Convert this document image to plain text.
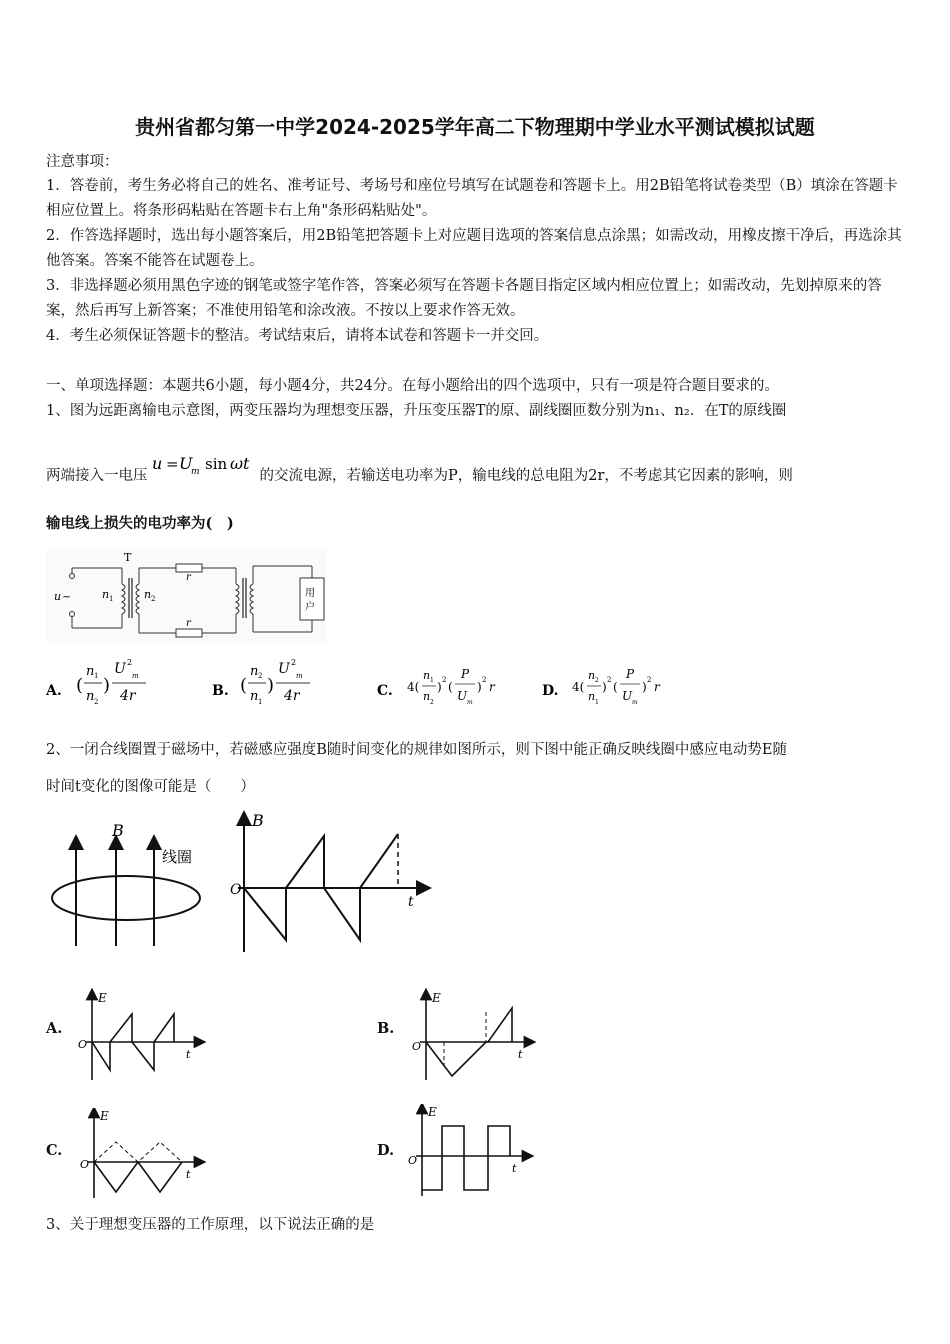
贵州省都匀第一中学2024-2025学年高二下物理期中学业水平测试模拟试题
注意事项：
1．答卷前，考生务必将自己的姓名、准考证号、考场号和座位号填写在试题卷和答题卡上。用2B铅笔将试卷类型（B）填涂在答题卡相应位置上。将条形码粘贴在答题卡右上角"条形码粘贴处"。
2．作答选择题时，选出每小题答案后，用2B铅笔把答题卡上对应题目选项的答案信息点涂黑；如需改动，用橡皮擦干净后，再选涂其他答案。答案不能答在试题卷上。
3．非选择题必须用黑色字迹的钢笔或签字笔作答，答案必须写在答题卡各题目指定区域内相应位置上；如需改动，先划掉原来的答案，然后再写上新答案；不准使用铅笔和涂改液。不按以上要求作答无效。
4．考生必须保证答题卡的整洁。考试结束后，请将本试卷和答题卡一并交回。
一、单项选择题：本题共6小题，每小题4分，共24分。在每小题给出的四个选项中，只有一项是符合题目要求的。
1、图为远距离输电示意图，两变压器均为理想变压器，升压变压器T的原、副线圈匝数分别为n₁、n₂．在T的原线圈
两端接入一电压
u = U
m sin ωt
的交流电源，若输送电功率为P，输电线的总电阻为2r，不考虑其它因素的影响，则
输电线上损失的电功率为(　)
u ~
T
n 1	n 2
r
r
用
户
A. (
n 1
n 2
)
U 2
m
4r	B. (
n 2
n 1
)
U 2
m
4r	C. 4(
n 1
n 2
) 2 (
P
U m
) 2 r	D. 4(
n 2
n 1
) 2 (
P
U m
) 2 r
2、一闭合线圈置于磁场中，若磁感应强度B随时间变化的规律如图所示，则下图中能正确反映线圈中感应电动势E随
时间t变化的图像可能是（　　）
B
线圈
B
O
t
A.
E
O
t
B.
E
O
t
C.
E
O
t
D.
E
O
t
3、关于理想变压器的工作原理，以下说法正确的是
